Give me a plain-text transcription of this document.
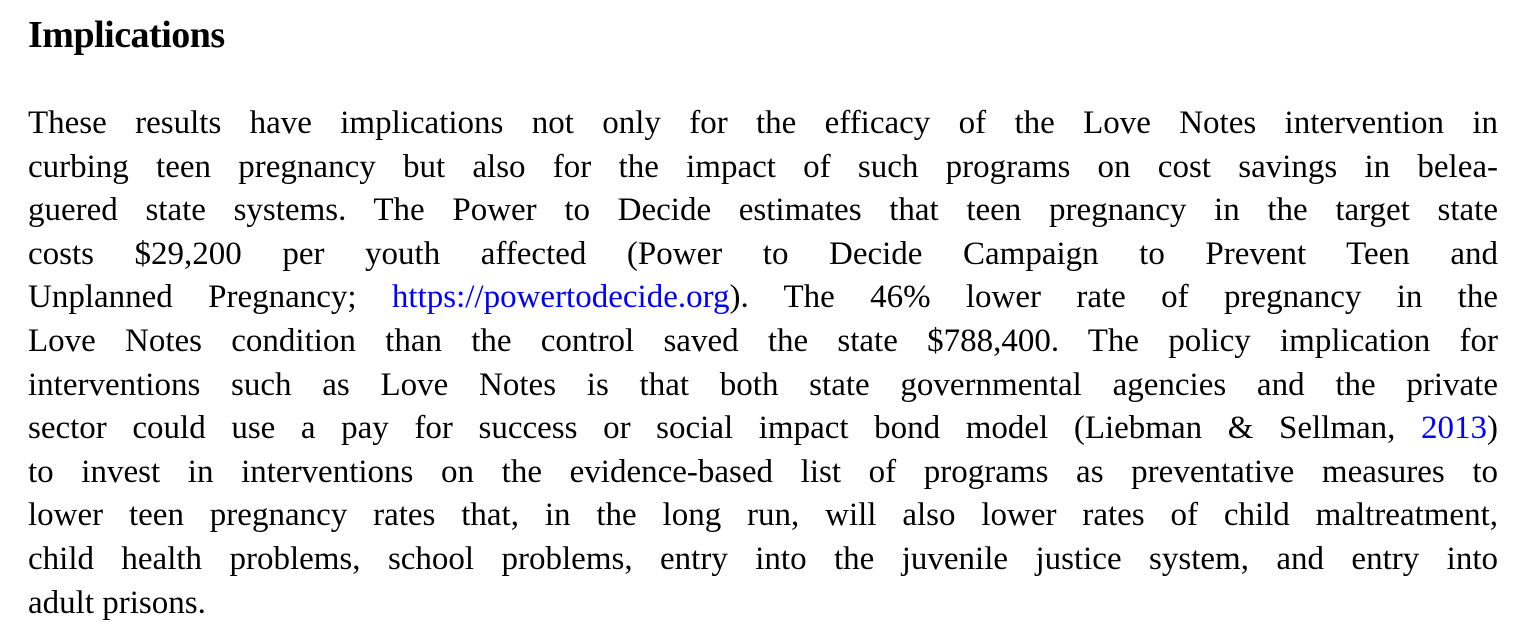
Implications
These results have implications not only for the efficacy of the Love Notes intervention in
curbing teen pregnancy but also for the impact of such programs on cost savings in belea-
guered state systems. The Power to Decide estimates that teen pregnancy in the target state
costs $29,200 per youth affected (Power to Decide Campaign to Prevent Teen and
Unplanned Pregnancy; https://powertodecide.org). The 46% lower rate of pregnancy in the
Love Notes condition than the control saved the state $788,400. The policy implication for
interventions such as Love Notes is that both state governmental agencies and the private
sector could use a pay for success or social impact bond model (Liebman & Sellman, 2013)
to invest in interventions on the evidence-based list of programs as preventative measures to
lower teen pregnancy rates that, in the long run, will also lower rates of child maltreatment,
child health problems, school problems, entry into the juvenile justice system, and entry into
adult prisons.
